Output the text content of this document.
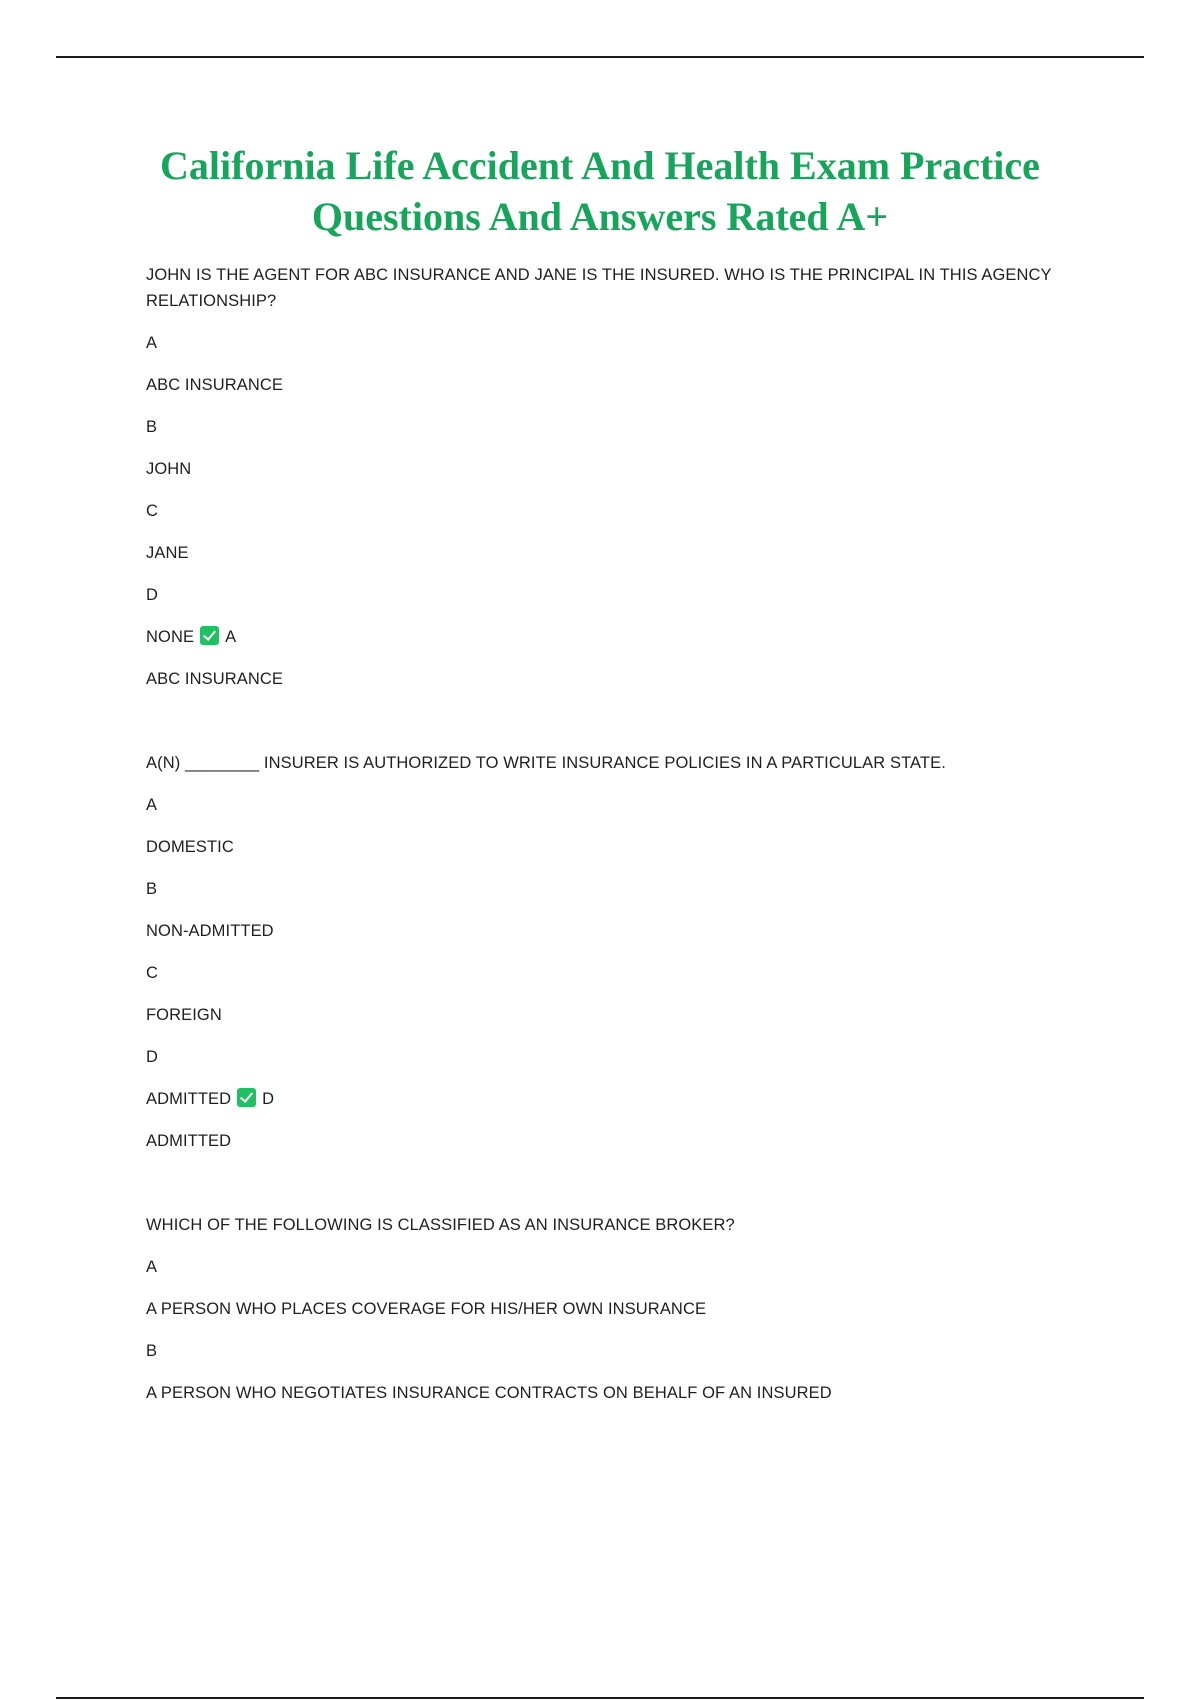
California Life Accident And Health Exam Practice Questions And Answers Rated A+

JOHN IS THE AGENT FOR ABC INSURANCE AND JANE IS THE INSURED. WHO IS THE PRINCIPAL IN THIS AGENCY RELATIONSHIP?

A

ABC INSURANCE

B

JOHN

C

JANE

D

NONE A

ABC INSURANCE

A(N) ________ INSURER IS AUTHORIZED TO WRITE INSURANCE POLICIES IN A PARTICULAR STATE.

A

DOMESTIC

B

NON-ADMITTED

C

FOREIGN

D

ADMITTED D

ADMITTED

WHICH OF THE FOLLOWING IS CLASSIFIED AS AN INSURANCE BROKER?

A

A PERSON WHO PLACES COVERAGE FOR HIS/HER OWN INSURANCE

B

A PERSON WHO NEGOTIATES INSURANCE CONTRACTS ON BEHALF OF AN INSURED
